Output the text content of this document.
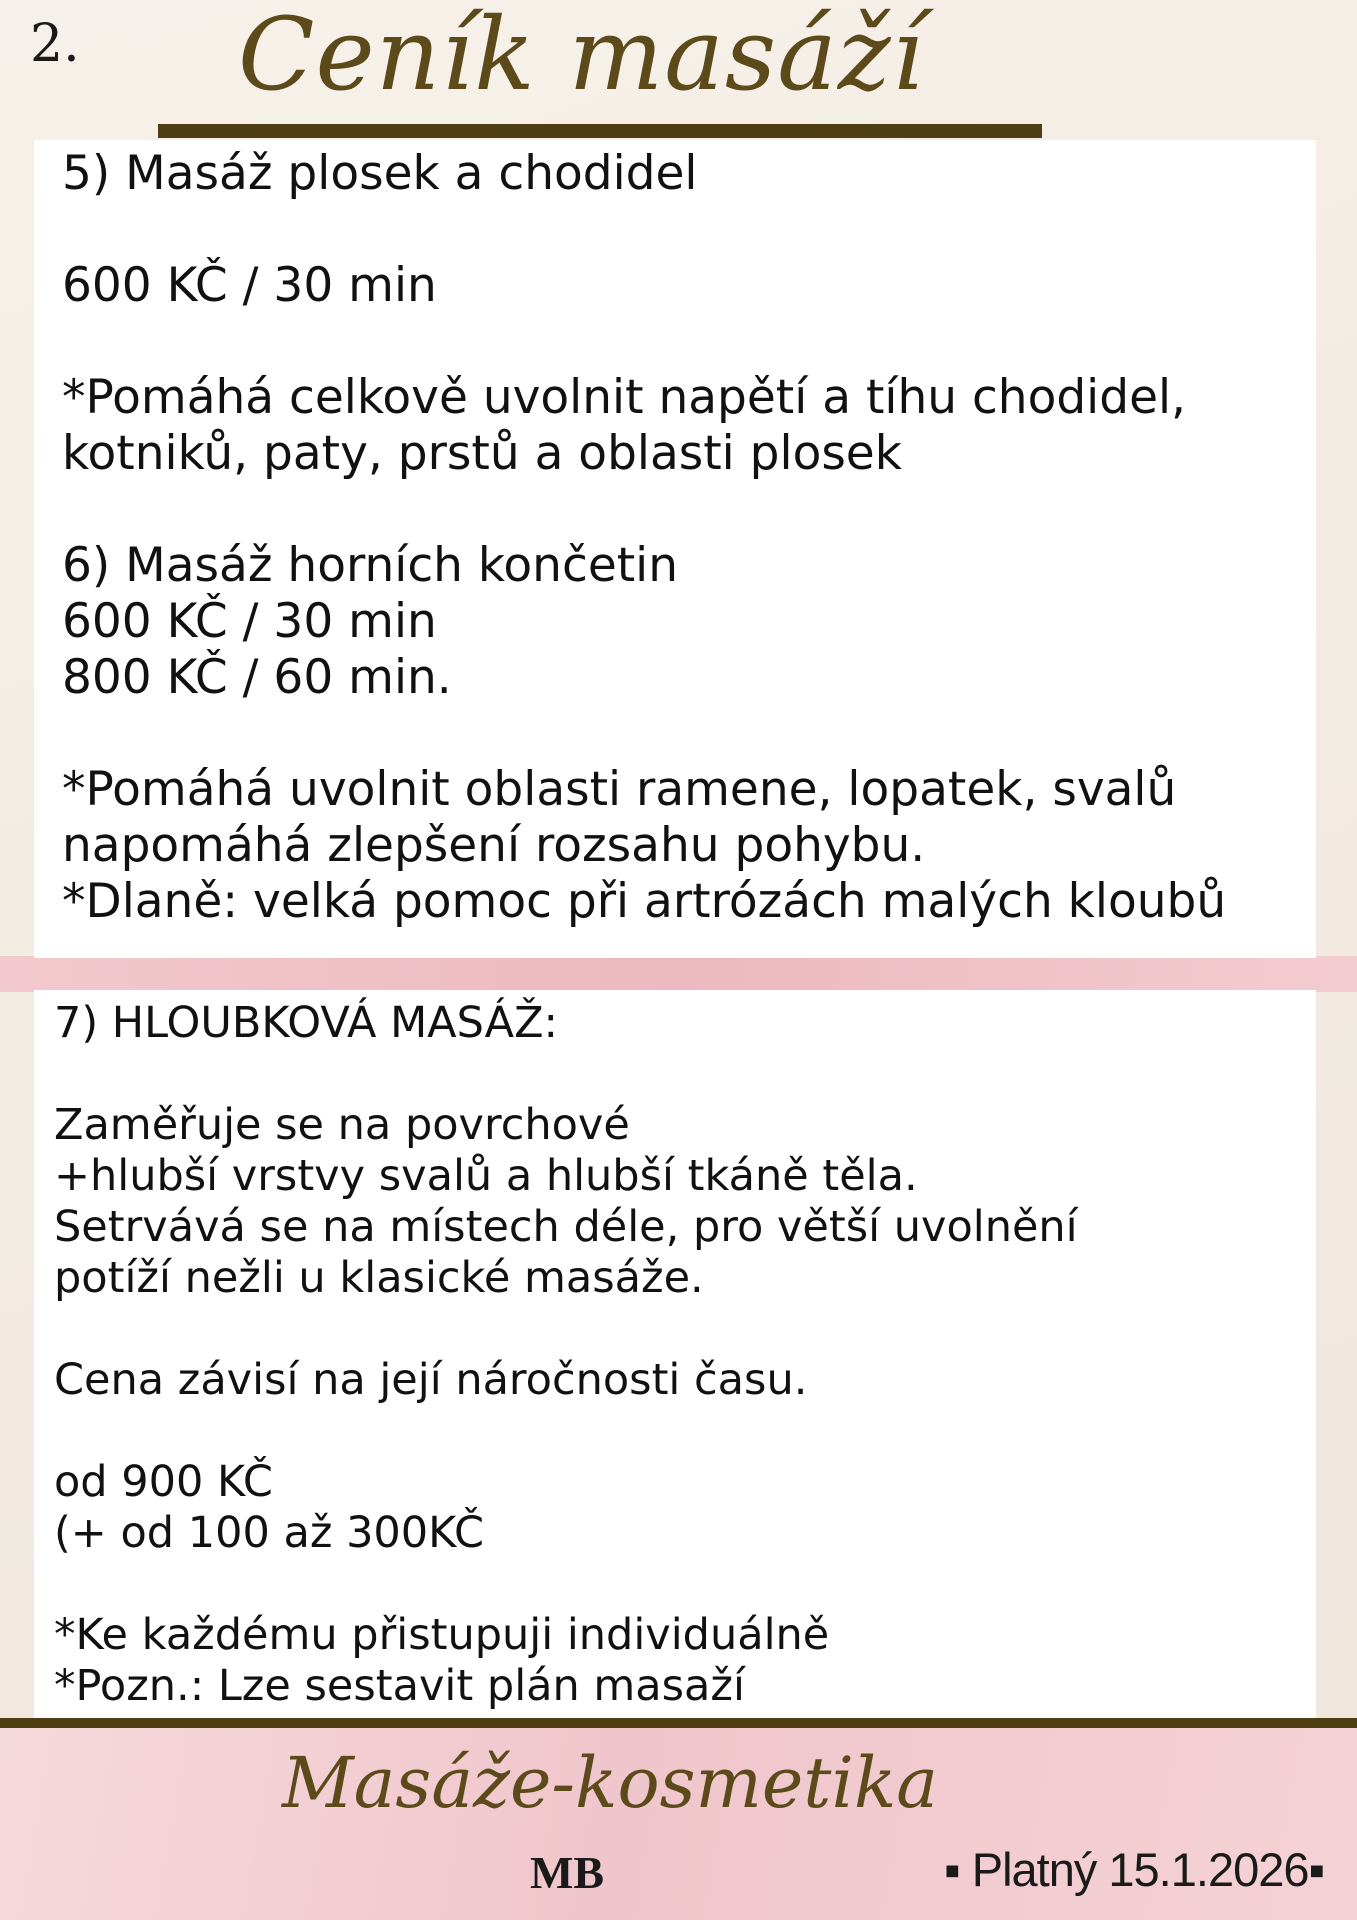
2. Ceník masáží
5) Masáž plosek a chodidel

600 KČ / 30 min

*Pomáhá celkově uvolnit napětí a tíhu chodidel,
kotniků, paty, prstů a oblasti plosek

6) Masáž horních končetin
600 KČ / 30 min
800 KČ / 60 min.

*Pomáhá uvolnit oblasti ramene, lopatek, svalů
napomáhá zlepšení rozsahu pohybu.
*Dlaně: velká pomoc při artrózách malých kloubů
7) HLOUBKOVÁ MASÁŽ:

Zaměřuje se na povrchové
+hlubší vrstvy svalů a hlubší tkáně těla.
Setrvává se na místech déle, pro větší uvolnění
potíží nežli u klasické masáže.

Cena závisí na její náročnosti času.

od 900 KČ
(+ od 100 až 300KČ

*Ke každému přistupuji individuálně
*Pozn.: Lze sestavit plán masaží
Masáže-kosmetika
MB	▪ Platný 15.1.2026▪
